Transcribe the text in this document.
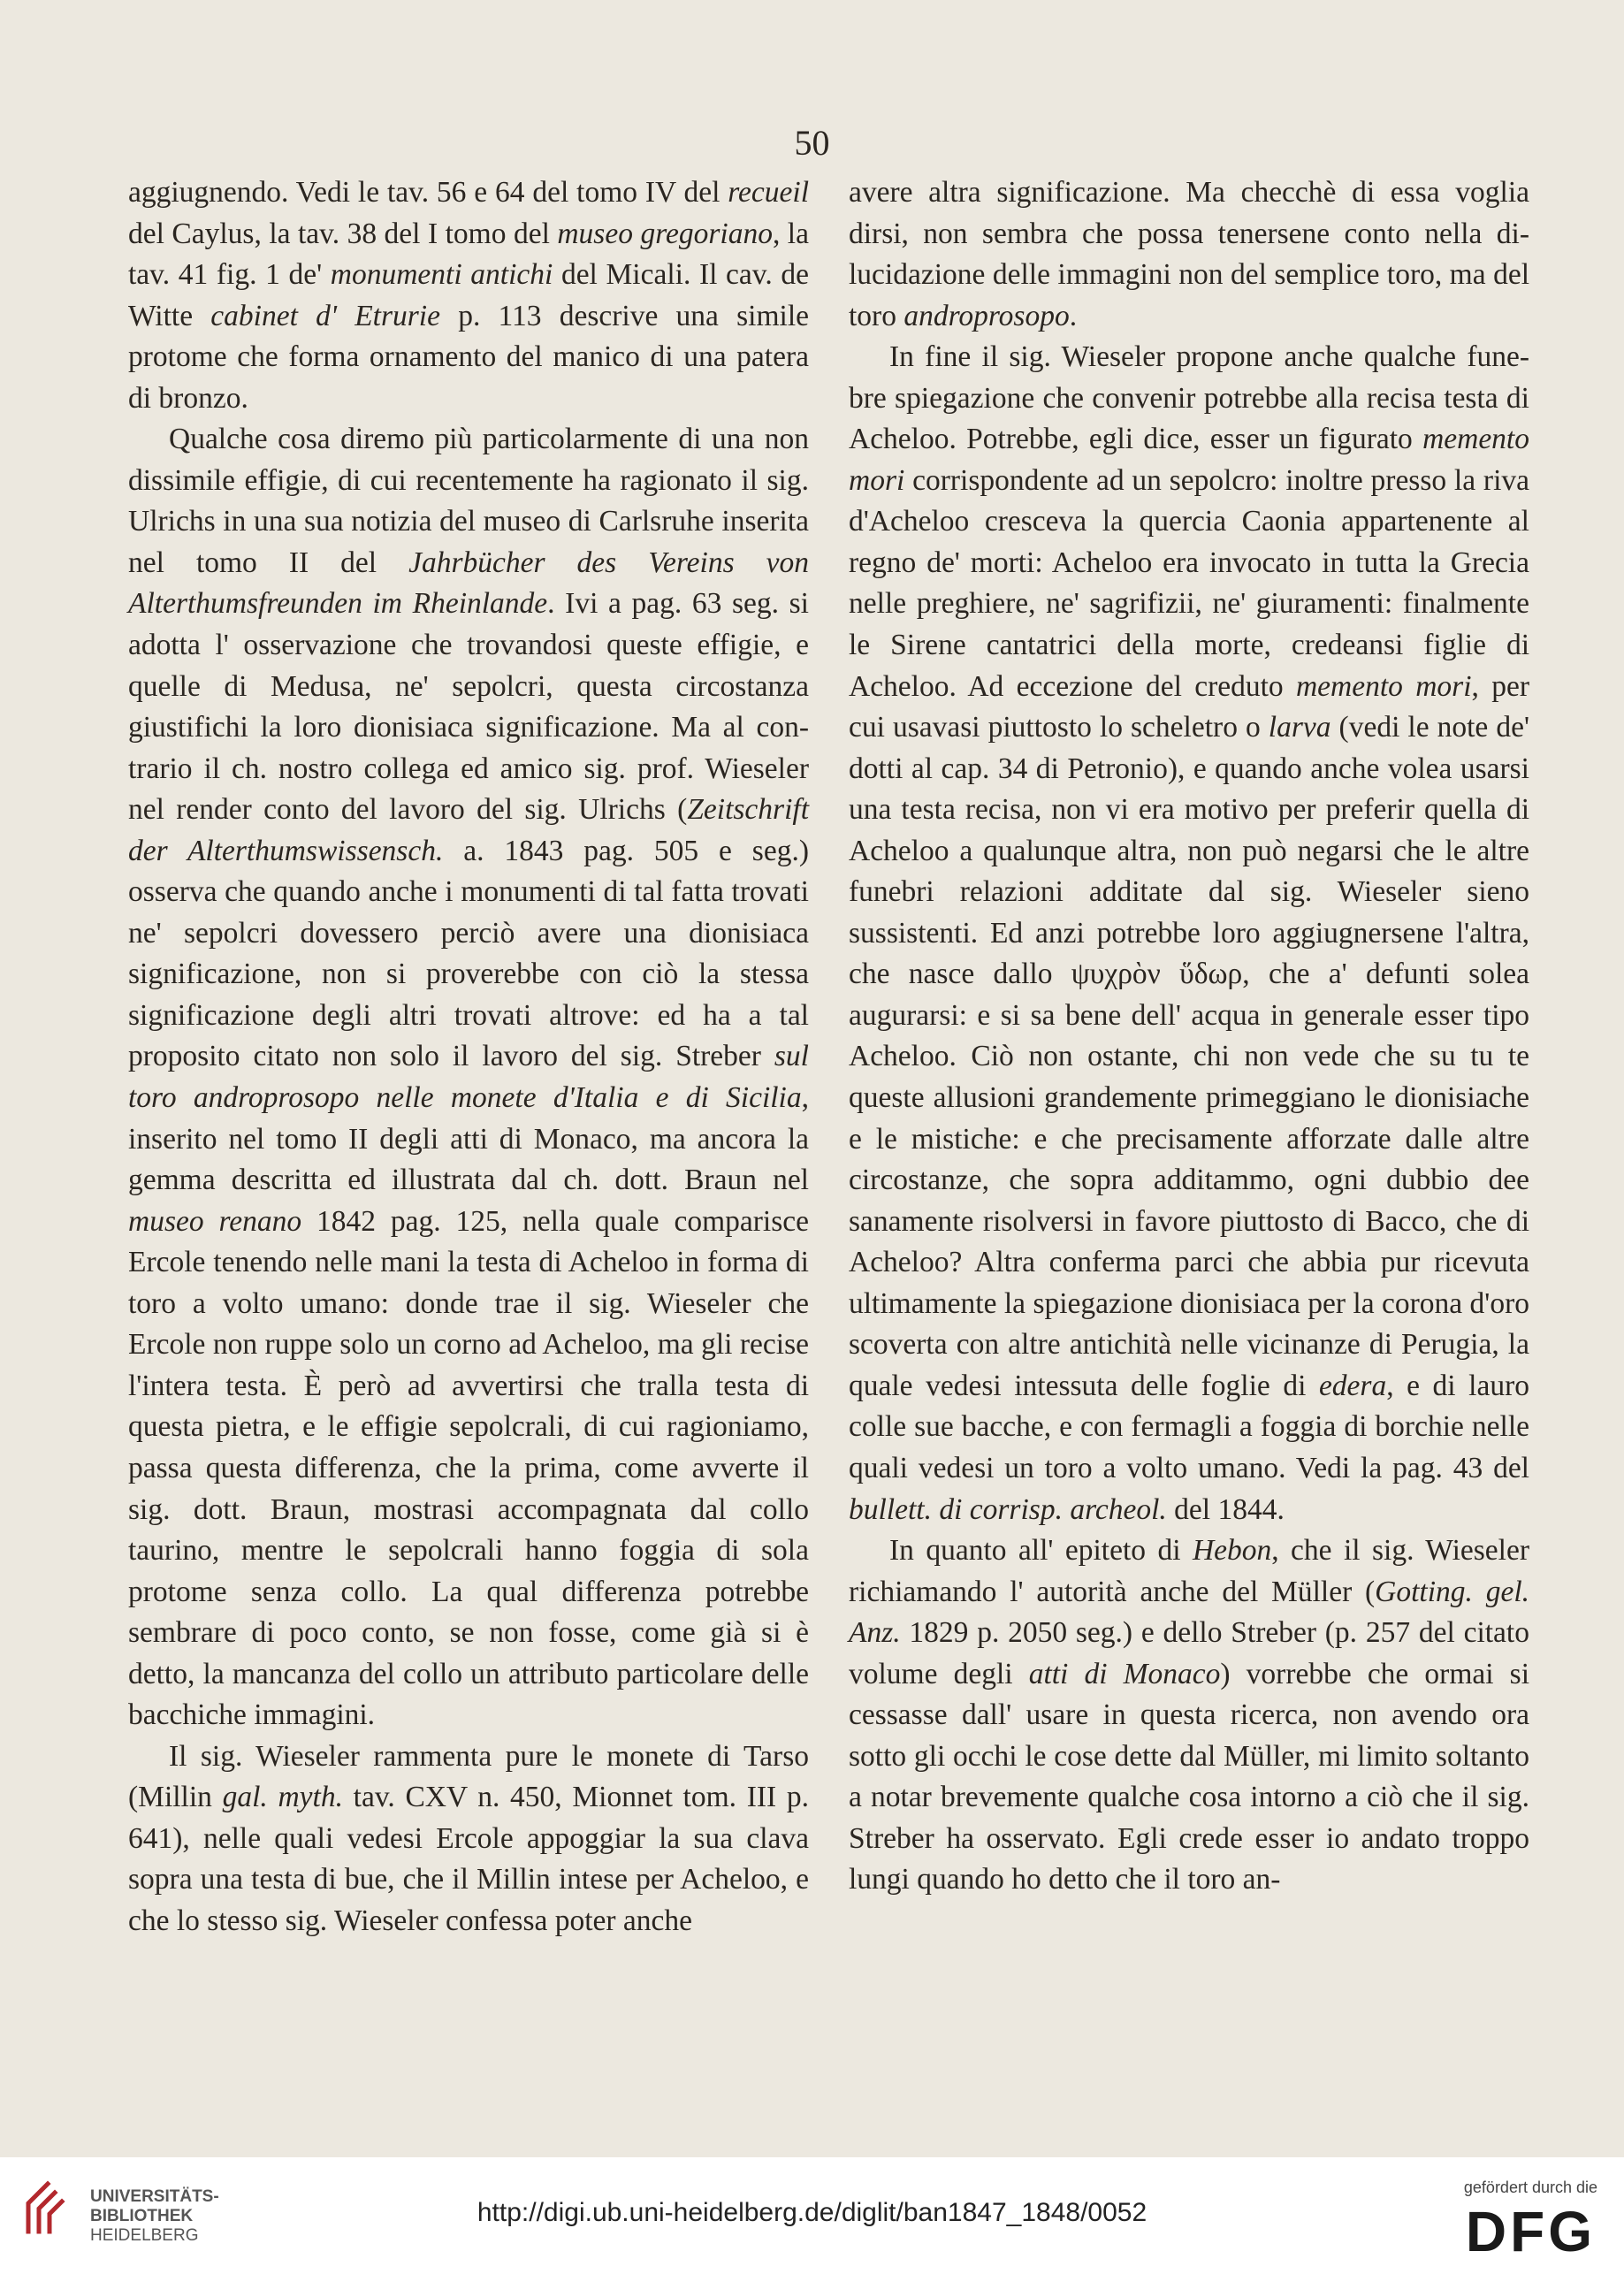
50

aggiugnendo. Vedi le tav. 56 e 64 del tomo IV del recueil del Caylus, la tav. 38 del I tomo del museo gregoriano, la tav. 41 fig. 1 de' monumenti antichi del Micali. Il cav. de Witte cabinet d' Etrurie p. 113 descrive una simile protome che forma ornamento del manico di una patera di bronzo.

Qualche cosa diremo più particolarmente di una non dissimile effigie, di cui recentemente ha ragionato il sig. Ulrichs in una sua notizia del museo di Carlsruhe inserita nel tomo II del Jahrbücher des Vereins von Alterthumsfreunden im Rheinlande. Ivi a pag. 63 seg. si adotta l' osservazione che trovandosi queste effigie, e quelle di Medusa, ne' sepolcri, questa circostanza giustifichi la loro dionisiaca significazione. Ma al contrario il ch. nostro collega ed amico sig. prof. Wieseler nel render conto del lavoro del sig. Ulrichs (Zeitschrift der Alterthumswissensch. a. 1843 pag. 505 e seg.) osserva che quando anche i monumenti di tal fatta trovati ne' sepolcri dovessero perciò avere una dionisiaca significazione, non si proverebbe con ciò la stessa significazione degli altri trovati altrove: ed ha a tal proposito citato non solo il lavoro del sig. Streber sul toro androprosopo nelle monete d'Italia e di Sicilia, inserito nel tomo II degli atti di Monaco, ma ancora la gemma descritta ed illustrata dal ch. dott. Braun nel museo renano 1842 pag. 125, nella quale comparisce Ercole tenendo nelle mani la testa di Acheloo in forma di toro a volto umano: donde trae il sig. Wieseler che Ercole non ruppe solo un corno ad Acheloo, ma gli recise l'intera testa. È però ad avvertirsi che tralla testa di questa pietra, e le effigie sepolcrali, di cui ragioniamo, passa questa differenza, che la prima, come avverte il sig. dott. Braun, mostrasi accompagnata dal collo taurino, mentre le sepolcrali hanno foggia di sola protome senza collo. La qual differenza potrebbe sembrare di poco conto, se non fosse, come già si è detto, la mancanza del collo un attributo particolare delle bacchiche immagini.

Il sig. Wieseler rammenta pure le monete di Tarso (Millin gal. myth. tav. CXV n. 450, Mionnet tom. III p. 641), nelle quali vedesi Ercole appoggiar la sua clava sopra una testa di bue, che il Millin intese per Acheloo, e che lo stesso sig. Wieseler confessa poter anche

avere altra significazione. Ma checchè di essa voglia dirsi, non sembra che possa tenersene conto nella dilucidazione delle immagini non del semplice toro, ma del toro androprosopo.

In fine il sig. Wieseler propone anche qualche funebre spiegazione che convenir potrebbe alla recisa testa di Acheloo. Potrebbe, egli dice, esser un figurato memento mori corrispondente ad un sepolcro: inoltre presso la riva d'Acheloo cresceva la quercia Caonia appartenente al regno de' morti: Acheloo era invocato in tutta la Grecia nelle preghiere, ne' sagrifizii, ne' giuramenti: finalmente le Sirene cantatrici della morte, credeansi figlie di Acheloo. Ad eccezione del creduto memento mori, per cui usavasi piuttosto lo scheletro o larva (vedi le note de' dotti al cap. 34 di Petronio), e quando anche volea usarsi una testa recisa, non vi era motivo per preferir quella di Acheloo a qualunque altra, non può negarsi che le altre funebri relazioni additate dal sig. Wieseler sieno sussistenti. Ed anzi potrebbe loro aggiugnersene l'altra, che nasce dallo ψυχρὸν ὕδωρ, che a' defunti solea augurarsi: e si sa bene dell' acqua in generale esser tipo Acheloo. Ciò non ostante, chi non vede che su tu te queste allusioni grandemente primeggiano le dionisiache e le mistiche: e che precisamente afforzate dalle altre circostanze, che sopra additammo, ogni dubbio dee sanamente risolversi in favore piuttosto di Bacco, che di Acheloo? Altra conferma parci che abbia pur ricevuta ultimamente la spiegazione dionisiaca per la corona d'oro scoverta con altre antichità nelle vicinanze di Perugia, la quale vedesi intessuta delle foglie di edera, e di lauro colle sue bacche, e con fermagli a foggia di borchie nelle quali vedesi un toro a volto umano. Vedi la pag. 43 del bullett. di corrisp. archeol. del 1844.

In quanto all' epiteto di Hebon, che il sig. Wieseler richiamando l' autorità anche del Müller (Gotting. gel. Anz. 1829 p. 2050 seg.) e dello Streber (p. 257 del citato volume degli atti di Monaco) vorrebbe che ormai si cessasse dall' usare in questa ricerca, non avendo ora sotto gli occhi le cose dette dal Müller, mi limito soltanto a notar brevemente qualche cosa intorno a ciò che il sig. Streber ha osservato. Egli crede esser io andato troppo lungi quando ho detto che il toro an-

UNIVERSITÄTS-
BIBLIOTHEK
HEIDELBERG
http://digi.ub.uni-heidelberg.de/diglit/ban1847_1848/0052
gefördert durch die
DFG
